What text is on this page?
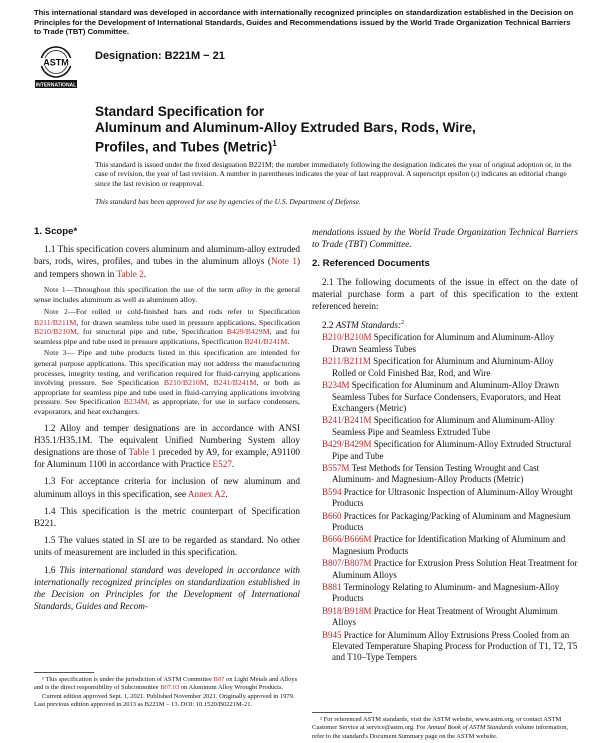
This international standard was developed in accordance with internationally recognized principles on standardization established in the Decision on Principles for the Development of International Standards, Guides and Recommendations issued by the World Trade Organization Technical Barriers to Trade (TBT) Committee.
ASTM
INTERNATIONAL
Designation: B221M − 21
Standard Specification for
Aluminum and Aluminum-Alloy Extruded Bars, Rods, Wire,
Profiles, and Tubes (Metric)$^1$
This standard is issued under the fixed designation B221M; the number immediately following the designation indicates the year of original adoption or, in the case of revision, the year of last revision. A number in parentheses indicates the year of last reapproval. A superscript epsilon (ε) indicates an editorial change since the last revision or reapproval.
This standard has been approved for use by agencies of the U.S. Department of Defense.
1. Scope*

1.1 This specification covers aluminum and aluminum-alloy extruded bars, rods, wires, profiles, and tubes in the aluminum alloys (Note 1) and tempers shown in Table 2.

Note 1—Throughout this specification the use of the term alloy in the general sense includes aluminum as well as aluminum alloy.

Note 2—For rolled or cold-finished bars and rods refer to Specification B211/B211M, for drawn seamless tube used in pressure applications, Specification B210/B210M, for structural pipe and tube, Specification B429/B429M, and for seamless pipe and tube used in pressure applications, Specification B241/B241M.

Note 3— Pipe and tube products listed in this specification are intended for general purpose applications. This specification may not address the manufacturing processes, integrity testing, and verification required for fluid-carrying applications involving pressure. See Specification B210/B210M, B241/B241M, or both as appropriate for seamless pipe and tube used in fluid-carrying applications involving pressure. See Specification B234M, as appropriate, for use in surface condensers, evaporators, and heat exchangers.

1.2 Alloy and temper designations are in accordance with ANSI H35.1/H35.1M. The equivalent Unified Numbering System alloy designations are those of Table 1 preceded by A9, for example, A91100 for Aluminum 1100 in accordance with Practice E527.

1.3 For acceptance criteria for inclusion of new aluminum and aluminum alloys in this specification, see Annex A2.

1.4 This specification is the metric counterpart of Specification B221.

1.5 The values stated in SI are to be regarded as standard. No other units of measurement are included in this specification.

1.6 This international standard was developed in accordance with internationally recognized principles on standardization established in the Decision on Principles for the Development of International Standards, Guides and Recom-

mendations issued by the World Trade Organization Technical Barriers to Trade (TBT) Committee.

2. Referenced Documents

2.1 The following documents of the issue in effect on the date of material purchase form a part of this specification to the extent referenced herein:

2.2 ASTM Standards:$^2$

B210/B210M Specification for Aluminum and Aluminum-Alloy Drawn Seamless Tubes

B211/B211M Specification for Aluminum and Aluminum-Alloy Rolled or Cold Finished Bar, Rod, and Wire

B234M Specification for Aluminum and Aluminum-Alloy Drawn Seamless Tubes for Surface Condensers, Evaporators, and Heat Exchangers (Metric)

B241/B241M Specification for Aluminum and Aluminum-Alloy Seamless Pipe and Seamless Extruded Tube

B429/B429M Specification for Aluminum-Alloy Extruded Structural Pipe and Tube

B557M Test Methods for Tension Testing Wrought and Cast Aluminum- and Magnesium-Alloy Products (Metric)

B594 Practice for Ultrasonic Inspection of Aluminum-Alloy Wrought Products

B660 Practices for Packaging/Packing of Aluminum and Magnesium Products

B666/B666M Practice for Identification Marking of Aluminum and Magnesium Products

B807/B807M Practice for Extrusion Press Solution Heat Treatment for Aluminum Alloys

B881 Terminology Relating to Aluminum- and Magnesium-Alloy Products

B918/B918M Practice for Heat Treatment of Wrought Aluminum Alloys

B945 Practice for Aluminum Alloy Extrusions Press Cooled from an Elevated Temperature Shaping Process for Production of T1, T2, T5 and T10–Type Tempers

¹ This specification is under the jurisdiction of ASTM Committee B07 on Light Metals and Alloys and is the direct responsibility of Subcommittee B07.03 on Aluminum Alloy Wrought Products.

Current edition approved Sept. 1, 2021. Published November 2021. Originally approved in 1979. Last previous edition approved in 2013 as B221M – 13. DOI: 10.1520/B0221M-21.

² For referenced ASTM standards, visit the ASTM website, www.astm.org, or contact ASTM Customer Service at service@astm.org. For Annual Book of ASTM Standards volume information, refer to the standard's Document Summary page on the ASTM website.
